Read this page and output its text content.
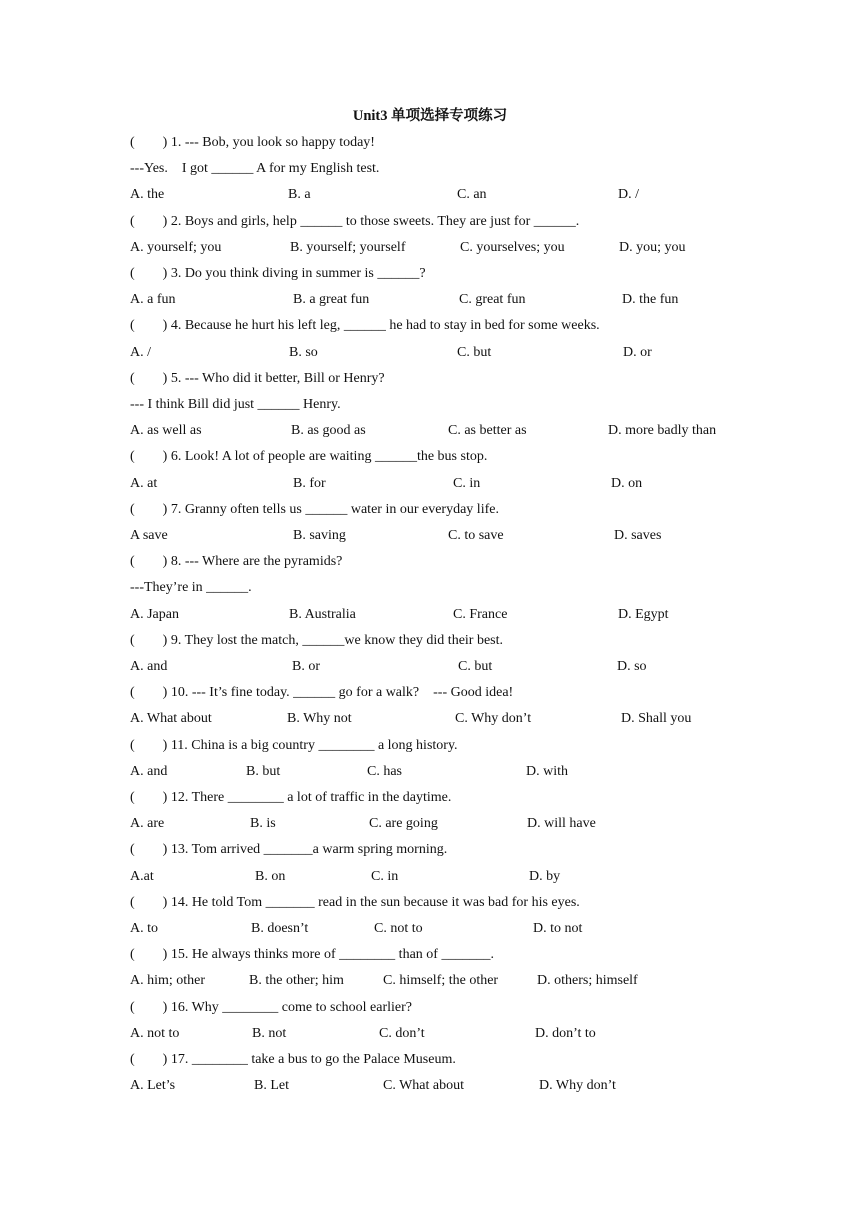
Unit3 单项选择专项练习
(        ) 1. --- Bob, you look so happy today!
---Yes.    I got ______ A for my English test.
A. the	B. a	C. an	D. /
(        ) 2. Boys and girls, help ______ to those sweets. They are just for ______.
A. yourself; you	B. yourself; yourself	C. yourselves; you	D. you; you
(        ) 3. Do you think diving in summer is ______?
A. a fun	B. a great fun	C. great fun	D. the fun
(        ) 4. Because he hurt his left leg, ______ he had to stay in bed for some weeks.
A. /	B. so	C. but	D. or
(        ) 5. --- Who did it better, Bill or Henry?
--- I think Bill did just ______ Henry.
A. as well as	B. as good as	C. as better as	D. more badly than
(        ) 6. Look! A lot of people are waiting ______the bus stop.
A. at	B. for	C. in	D. on
(        ) 7. Granny often tells us ______ water in our everyday life.
A save	B. saving	C. to save	D. saves
(        ) 8. --- Where are the pyramids?
---They’re in ______.
A. Japan	B. Australia	C. France	D. Egypt
(        ) 9. They lost the match, ______we know they did their best.
A. and	B. or	C. but	D. so
(        ) 10. --- It’s fine today. ______ go for a walk?    --- Good idea!
A. What about	B. Why not	C. Why don’t	D. Shall you
(        ) 11. China is a big country ________ a long history.
A. and	B. but	C. has	D. with
(        ) 12. There ________ a lot of traffic in the daytime.
A. are	B. is	C. are going	D. will have
(        ) 13. Tom arrived _______a warm spring morning.
A.at	B. on	C. in	D. by
(        ) 14. He told Tom _______ read in the sun because it was bad for his eyes.
A. to	B. doesn’t	C. not to	D. to not
(        ) 15. He always thinks more of ________ than of _______.
A. him; other	B. the other; him	C. himself; the other	D. others; himself
(        ) 16. Why ________ come to school earlier?
A. not to	B. not	C. don’t	D. don’t to
(        ) 17. ________ take a bus to go the Palace Museum.
A. Let’s	B. Let	C. What about	D. Why don’t
